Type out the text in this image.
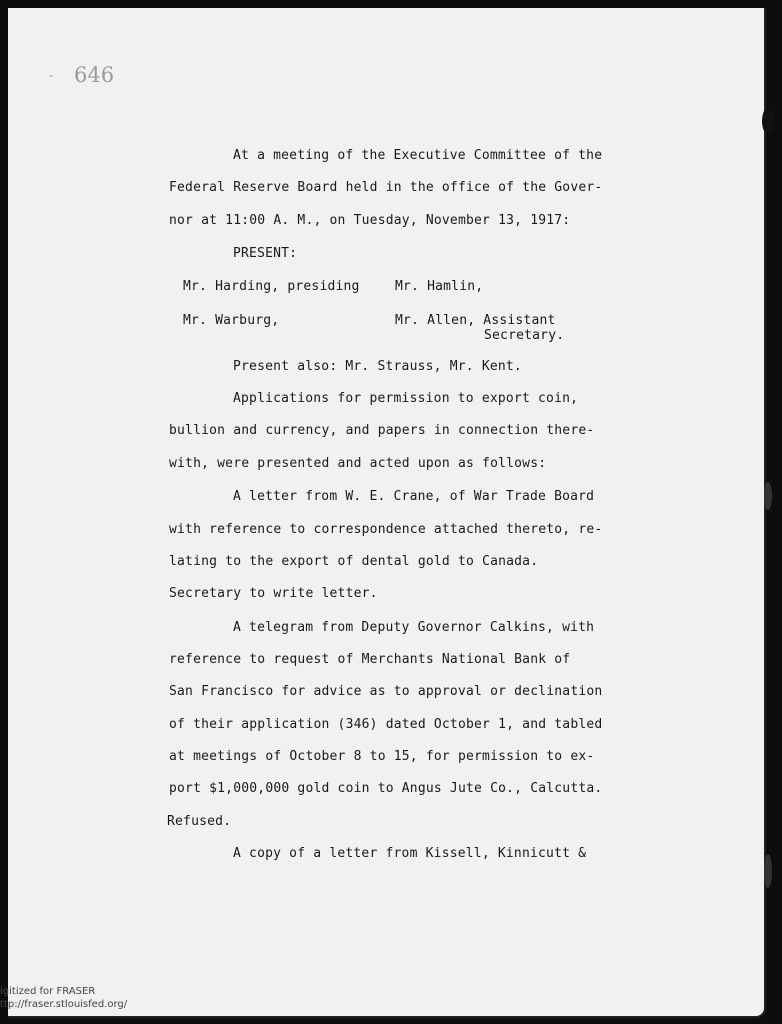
- 646
At a meeting of the Executive Committee of the
Federal Reserve Board held in the office of the Gover-
nor at 11:00 A. M., on Tuesday, November 13, 1917:
PRESENT:
Mr. Harding, presiding	Mr. Hamlin,
Mr. Warburg,	Mr. Allen, Assistant
Secretary.
Present also: Mr. Strauss, Mr. Kent.
Applications for permission to export coin,
bullion and currency, and papers in connection there-
with, were presented and acted upon as follows:
A letter from W. E. Crane, of War Trade Board
with reference to correspondence attached thereto, re-
lating to the export of dental gold to Canada.
Secretary to write letter.
A telegram from Deputy Governor Calkins, with
reference to request of Merchants National Bank of
San Francisco for advice as to approval or declination
of their application (346) dated October 1, and tabled
at meetings of October 8 to 15, for permission to ex-
port $1,000,000 gold coin to Angus Jute Co., Calcutta.
Refused.
A copy of a letter from Kissell, Kinnicutt &
igitized for FRASER
ttp://fraser.stlouisfed.org/
